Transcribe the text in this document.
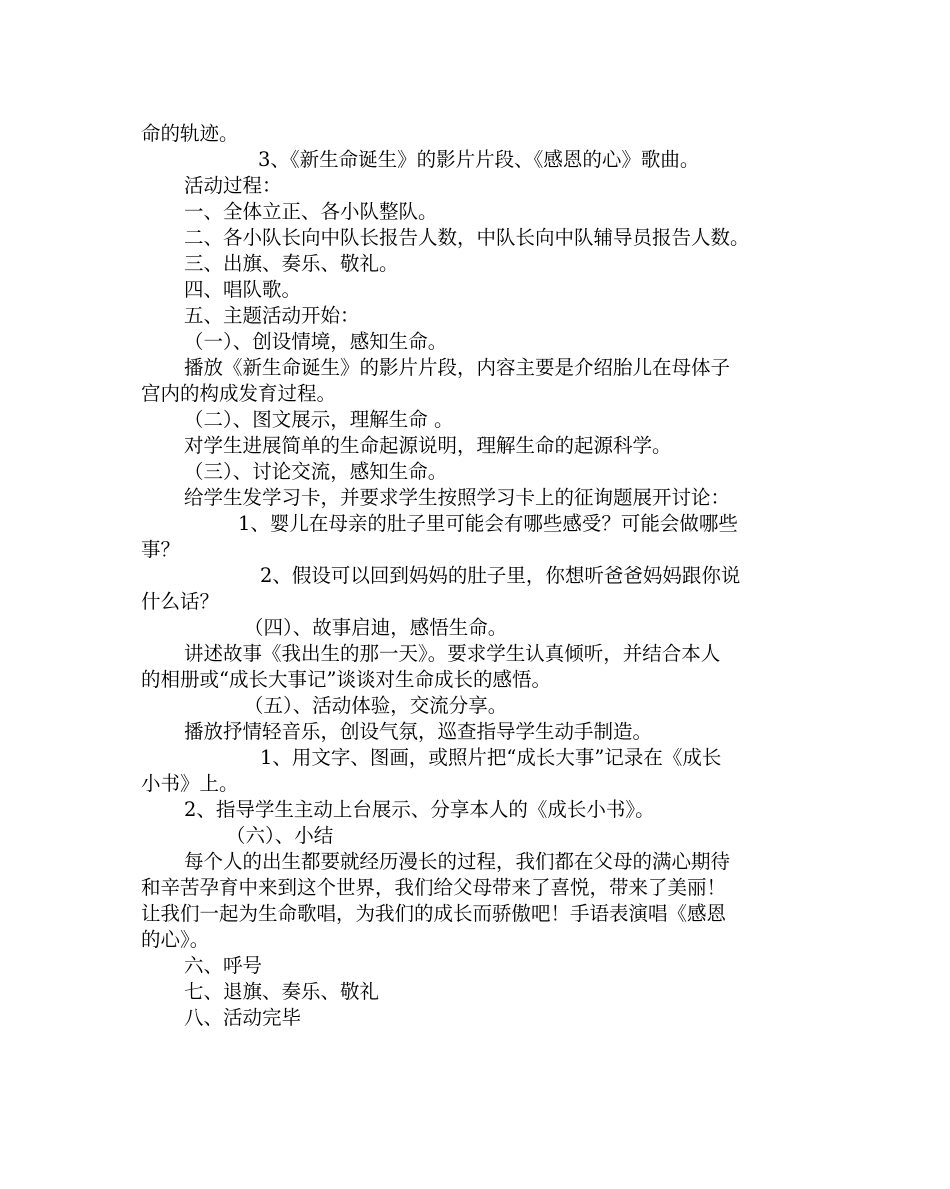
命的轨迹。
3、《新生命诞生》的影片片段、《感恩的心》歌曲。
活动过程：
一、全体立正、各小队整队。
二、各小队长向中队长报告人数，中队长向中队辅导员报告人数。
三、出旗、奏乐、敬礼。
四、唱队歌。
五、主题活动开始：
（一）、创设情境，感知生命。
播放《新生命诞生》的影片片段，内容主要是介绍胎儿在母体子
宫内的构成发育过程。
（二）、图文展示，理解生命 。
对学生进展简单的生命起源说明，理解生命的起源科学。
（三）、讨论交流，感知生命。
给学生发学习卡，并要求学生按照学习卡上的征询题展开讨论：
1、婴儿在母亲的肚子里可能会有哪些感受？可能会做哪些
事？
2、假设可以回到妈妈的肚子里，你想听爸爸妈妈跟你说
什么话？
（四）、故事启迪，感悟生命。
讲述故事《我出生的那一天》。要求学生认真倾听，并结合本人
的相册或“成长大事记”谈谈对生命成长的感悟。
（五）、活动体验，交流分享。
播放抒情轻音乐，创设气氛，巡查指导学生动手制造。
1、用文字、图画，或照片把“成长大事”记录在《成长
小书》上。
2、指导学生主动上台展示、分享本人的《成长小书》。
（六）、小结
每个人的出生都要就经历漫长的过程，我们都在父母的满心期待
和辛苦孕育中来到这个世界，我们给父母带来了喜悦，带来了美丽！
让我们一起为生命歌唱，为我们的成长而骄傲吧！手语表演唱《感恩
的心》。
六、呼号
七、退旗、奏乐、敬礼
八、活动完毕
